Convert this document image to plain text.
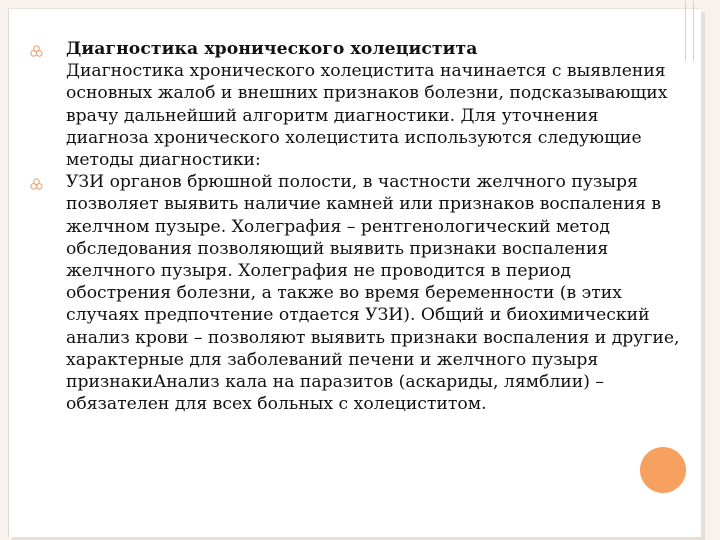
Диагностика хронического холецистита
Диагностика хронического холецистита начинается с выявления основных жалоб и внешних признаков болезни, подсказывающих врачу дальнейший алгоритм диагностики. Для уточнения диагноза хронического холецистита используются следующие методы диагностики:
УЗИ органов брюшной полости, в частности желчного пузыря позволяет выявить наличие камней или признаков воспаления в желчном пузыре. Холеграфия – рентгенологический метод обследования позволяющий выявить признаки воспаления желчного пузыря. Холеграфия не проводится в период обострения болезни, а также во время беременности (в этих случаях предпочтение отдается УЗИ). Общий и биохимический анализ крови – позволяют выявить признаки воспаления и другие, характерные для заболеваний печени и желчного пузыря признакиАнализ кала на паразитов (аскариды, лямблии) – обязателен для всех больных с холециститом.
